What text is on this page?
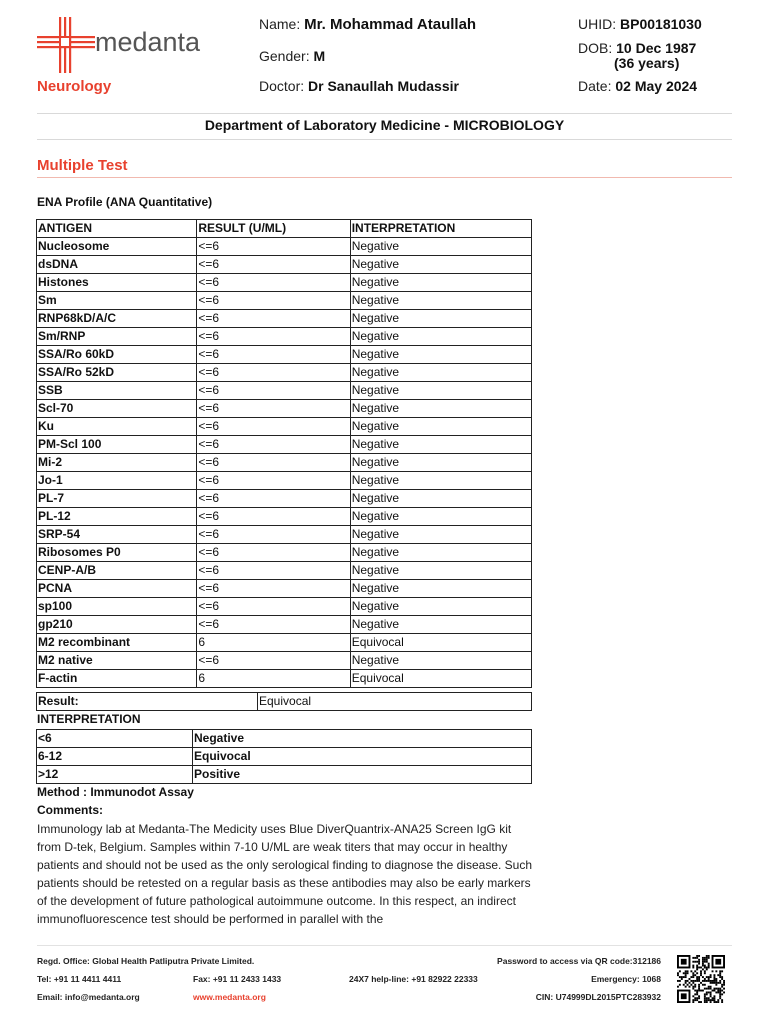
medanta
Neurology
Name: Mr. Mohammad Ataullah
Gender: M
Doctor: Dr Sanaullah Mudassir
UHID: BP00181030
DOB: 10 Dec 1987
(36 years)
Date: 02 May 2024
Department of Laboratory Medicine - MICROBIOLOGY
Multiple Test
ENA Profile (ANA Quantitative)
ANTIGEN	RESULT (U/ML)	INTERPRETATION
Nucleosome	<=6	Negative
dsDNA	<=6	Negative
Histones	<=6	Negative
Sm	<=6	Negative
RNP68kD/A/C	<=6	Negative
Sm/RNP	<=6	Negative
SSA/Ro 60kD	<=6	Negative
SSA/Ro 52kD	<=6	Negative
SSB	<=6	Negative
Scl-70	<=6	Negative
Ku	<=6	Negative
PM-Scl 100	<=6	Negative
Mi-2	<=6	Negative
Jo-1	<=6	Negative
PL-7	<=6	Negative
PL-12	<=6	Negative
SRP-54	<=6	Negative
Ribosomes P0	<=6	Negative
CENP-A/B	<=6	Negative
PCNA	<=6	Negative
sp100	<=6	Negative
gp210	<=6	Negative
M2 recombinant	6	Equivocal
M2 native	<=6	Negative
F-actin	6	Equivocal
Result:	Equivocal
INTERPRETATION
<6	Negative
6-12	Equivocal
>12	Positive
Method : Immunodot Assay
Comments:
Immunology lab at Medanta-The Medicity uses Blue DiverQuantrix-ANA25 Screen IgG kit from D-tek, Belgium. Samples within 7-10 U/ML are weak titers that may occur in healthy patients and should not be used as the only serological finding to diagnose the disease. Such patients should be retested on a regular basis as these antibodies may also be early markers of the development of future pathological autoimmune outcome. In this respect, an indirect immunofluorescence test should be performed in parallel with the
Regd. Office: Global Health Patliputra Private Limited.
Tel: +91 11 4411 4411	Fax: +91 11 2433 1433
Email: info@medanta.org	www.medanta.org
24X7 help-line: +91 82922 22333
Password to access via QR code:312186
Emergency: 1068
CIN: U74999DL2015PTC283932
